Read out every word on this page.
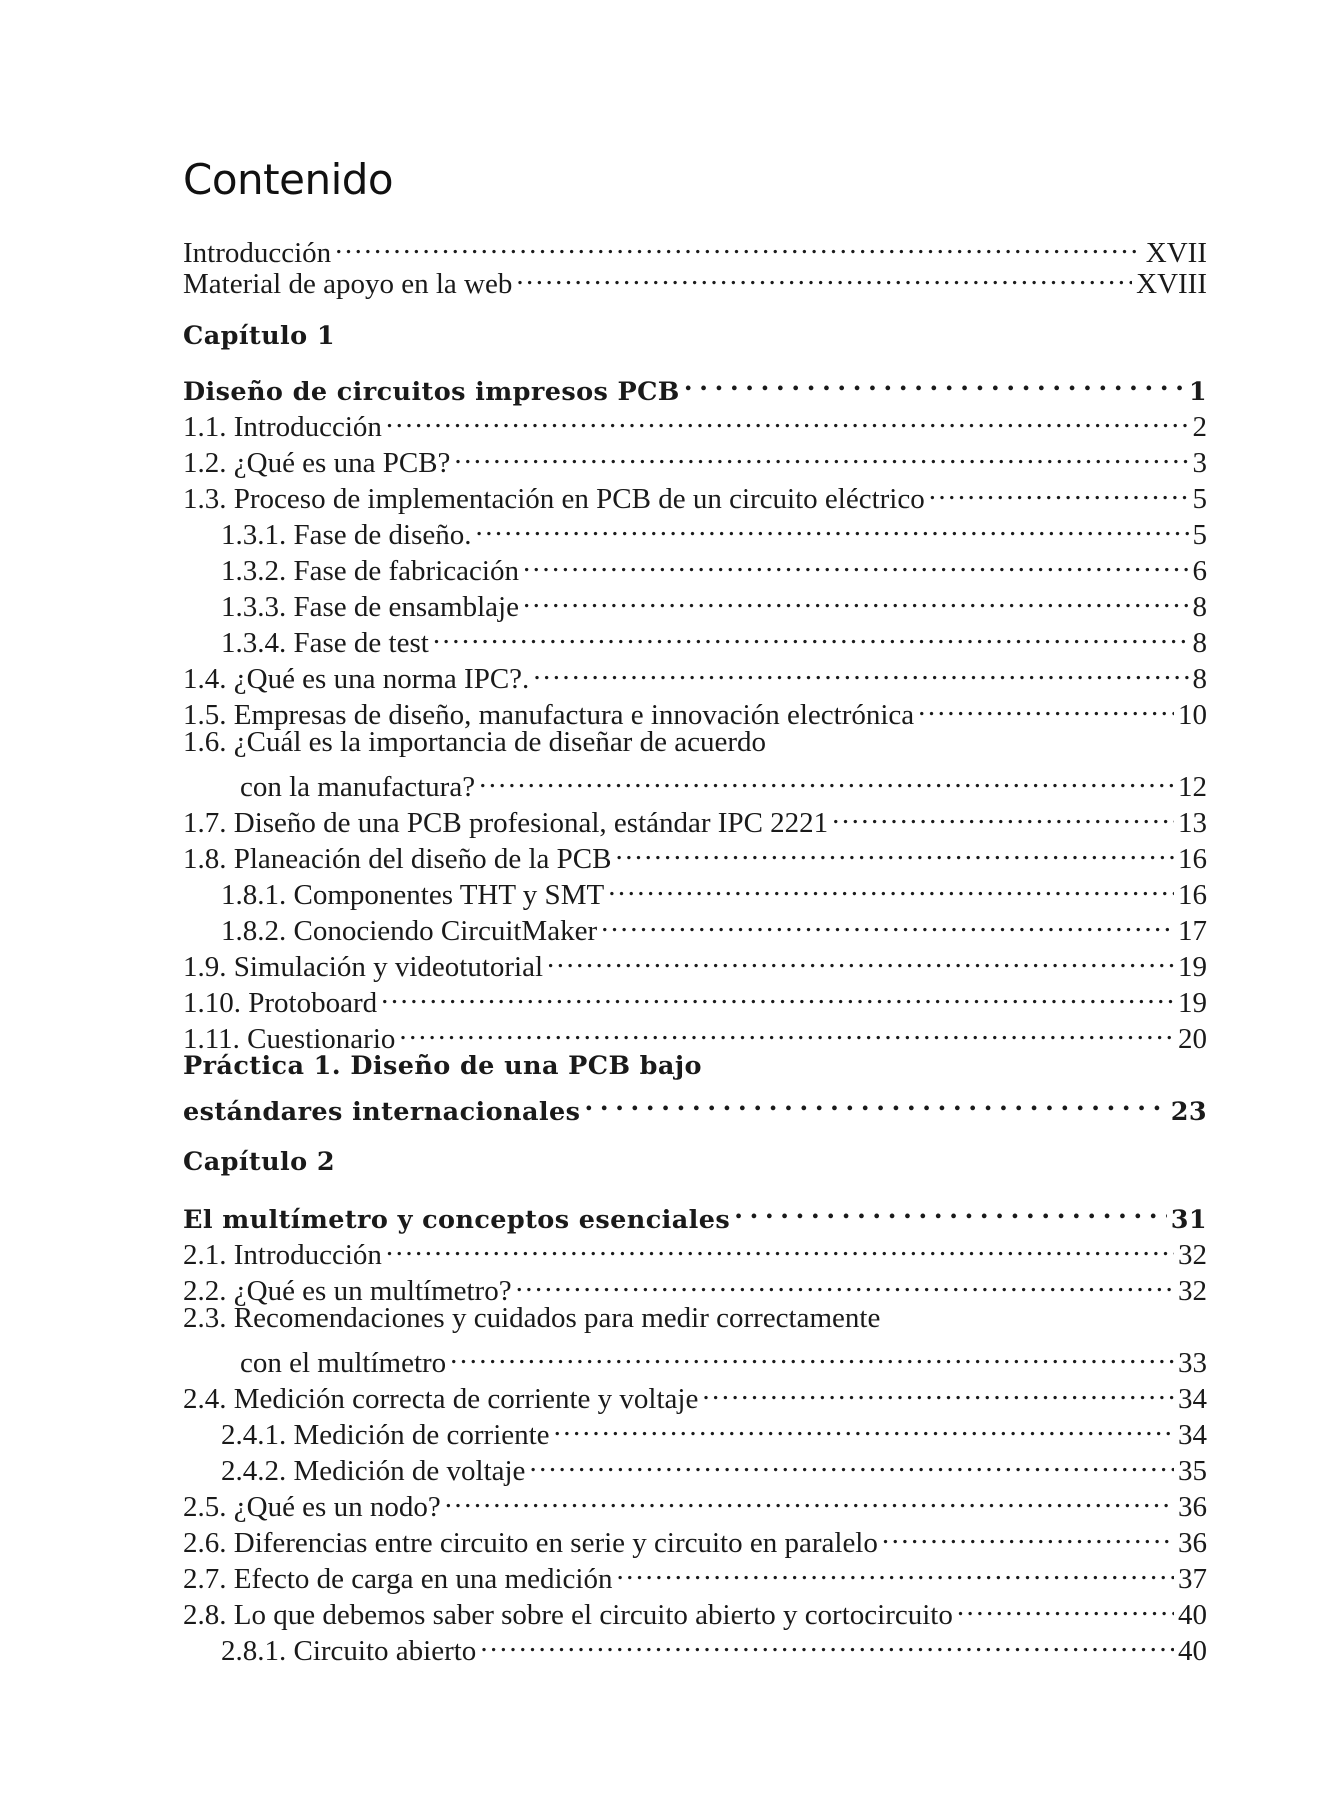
Contenido
Introducción . . .	XVII
Material de apoyo en la web . . .	XVIII
Capítulo 1
Diseño de circuitos impresos PCB . . .	1
1.1. Introducción . . .	2
1.2. ¿Qué es una PCB? . . .	3
1.3. Proceso de implementación en PCB de un circuito eléctrico . . .	5
1.3.1. Fase de diseño. . . .	5
1.3.2. Fase de fabricación . . .	6
1.3.3. Fase de ensamblaje . . .	8
1.3.4. Fase de test . . .	8
1.4. ¿Qué es una norma IPC?. . . .	8
1.5. Empresas de diseño, manufactura e innovación electrónica . . .	10
1.6. ¿Cuál es la importancia de diseñar de acuerdo
con la manufactura? . . .	12
1.7. Diseño de una PCB profesional, estándar IPC 2221 . . .	13
1.8. Planeación del diseño de la PCB . . .	16
1.8.1. Componentes THT y SMT . . .	16
1.8.2. Conociendo CircuitMaker . . .	17
1.9. Simulación y videotutorial . . .	19
1.10. Protoboard . . .	19
1.11. Cuestionario . . .	20
Práctica 1. Diseño de una PCB bajo
estándares internacionales . . .	23
Capítulo 2
El multímetro y conceptos esenciales . . .	31
2.1. Introducción . . .	32
2.2. ¿Qué es un multímetro? . . .	32
2.3. Recomendaciones y cuidados para medir correctamente
con el multímetro . . .	33
2.4. Medición correcta de corriente y voltaje . . .	34
2.4.1. Medición de corriente . . .	34
2.4.2. Medición de voltaje . . .	35
2.5. ¿Qué es un nodo? . . .	36
2.6. Diferencias entre circuito en serie y circuito en paralelo . . .	36
2.7. Efecto de carga en una medición . . .	37
2.8. Lo que debemos saber sobre el circuito abierto y cortocircuito . . .	40
2.8.1. Circuito abierto . . .	40
